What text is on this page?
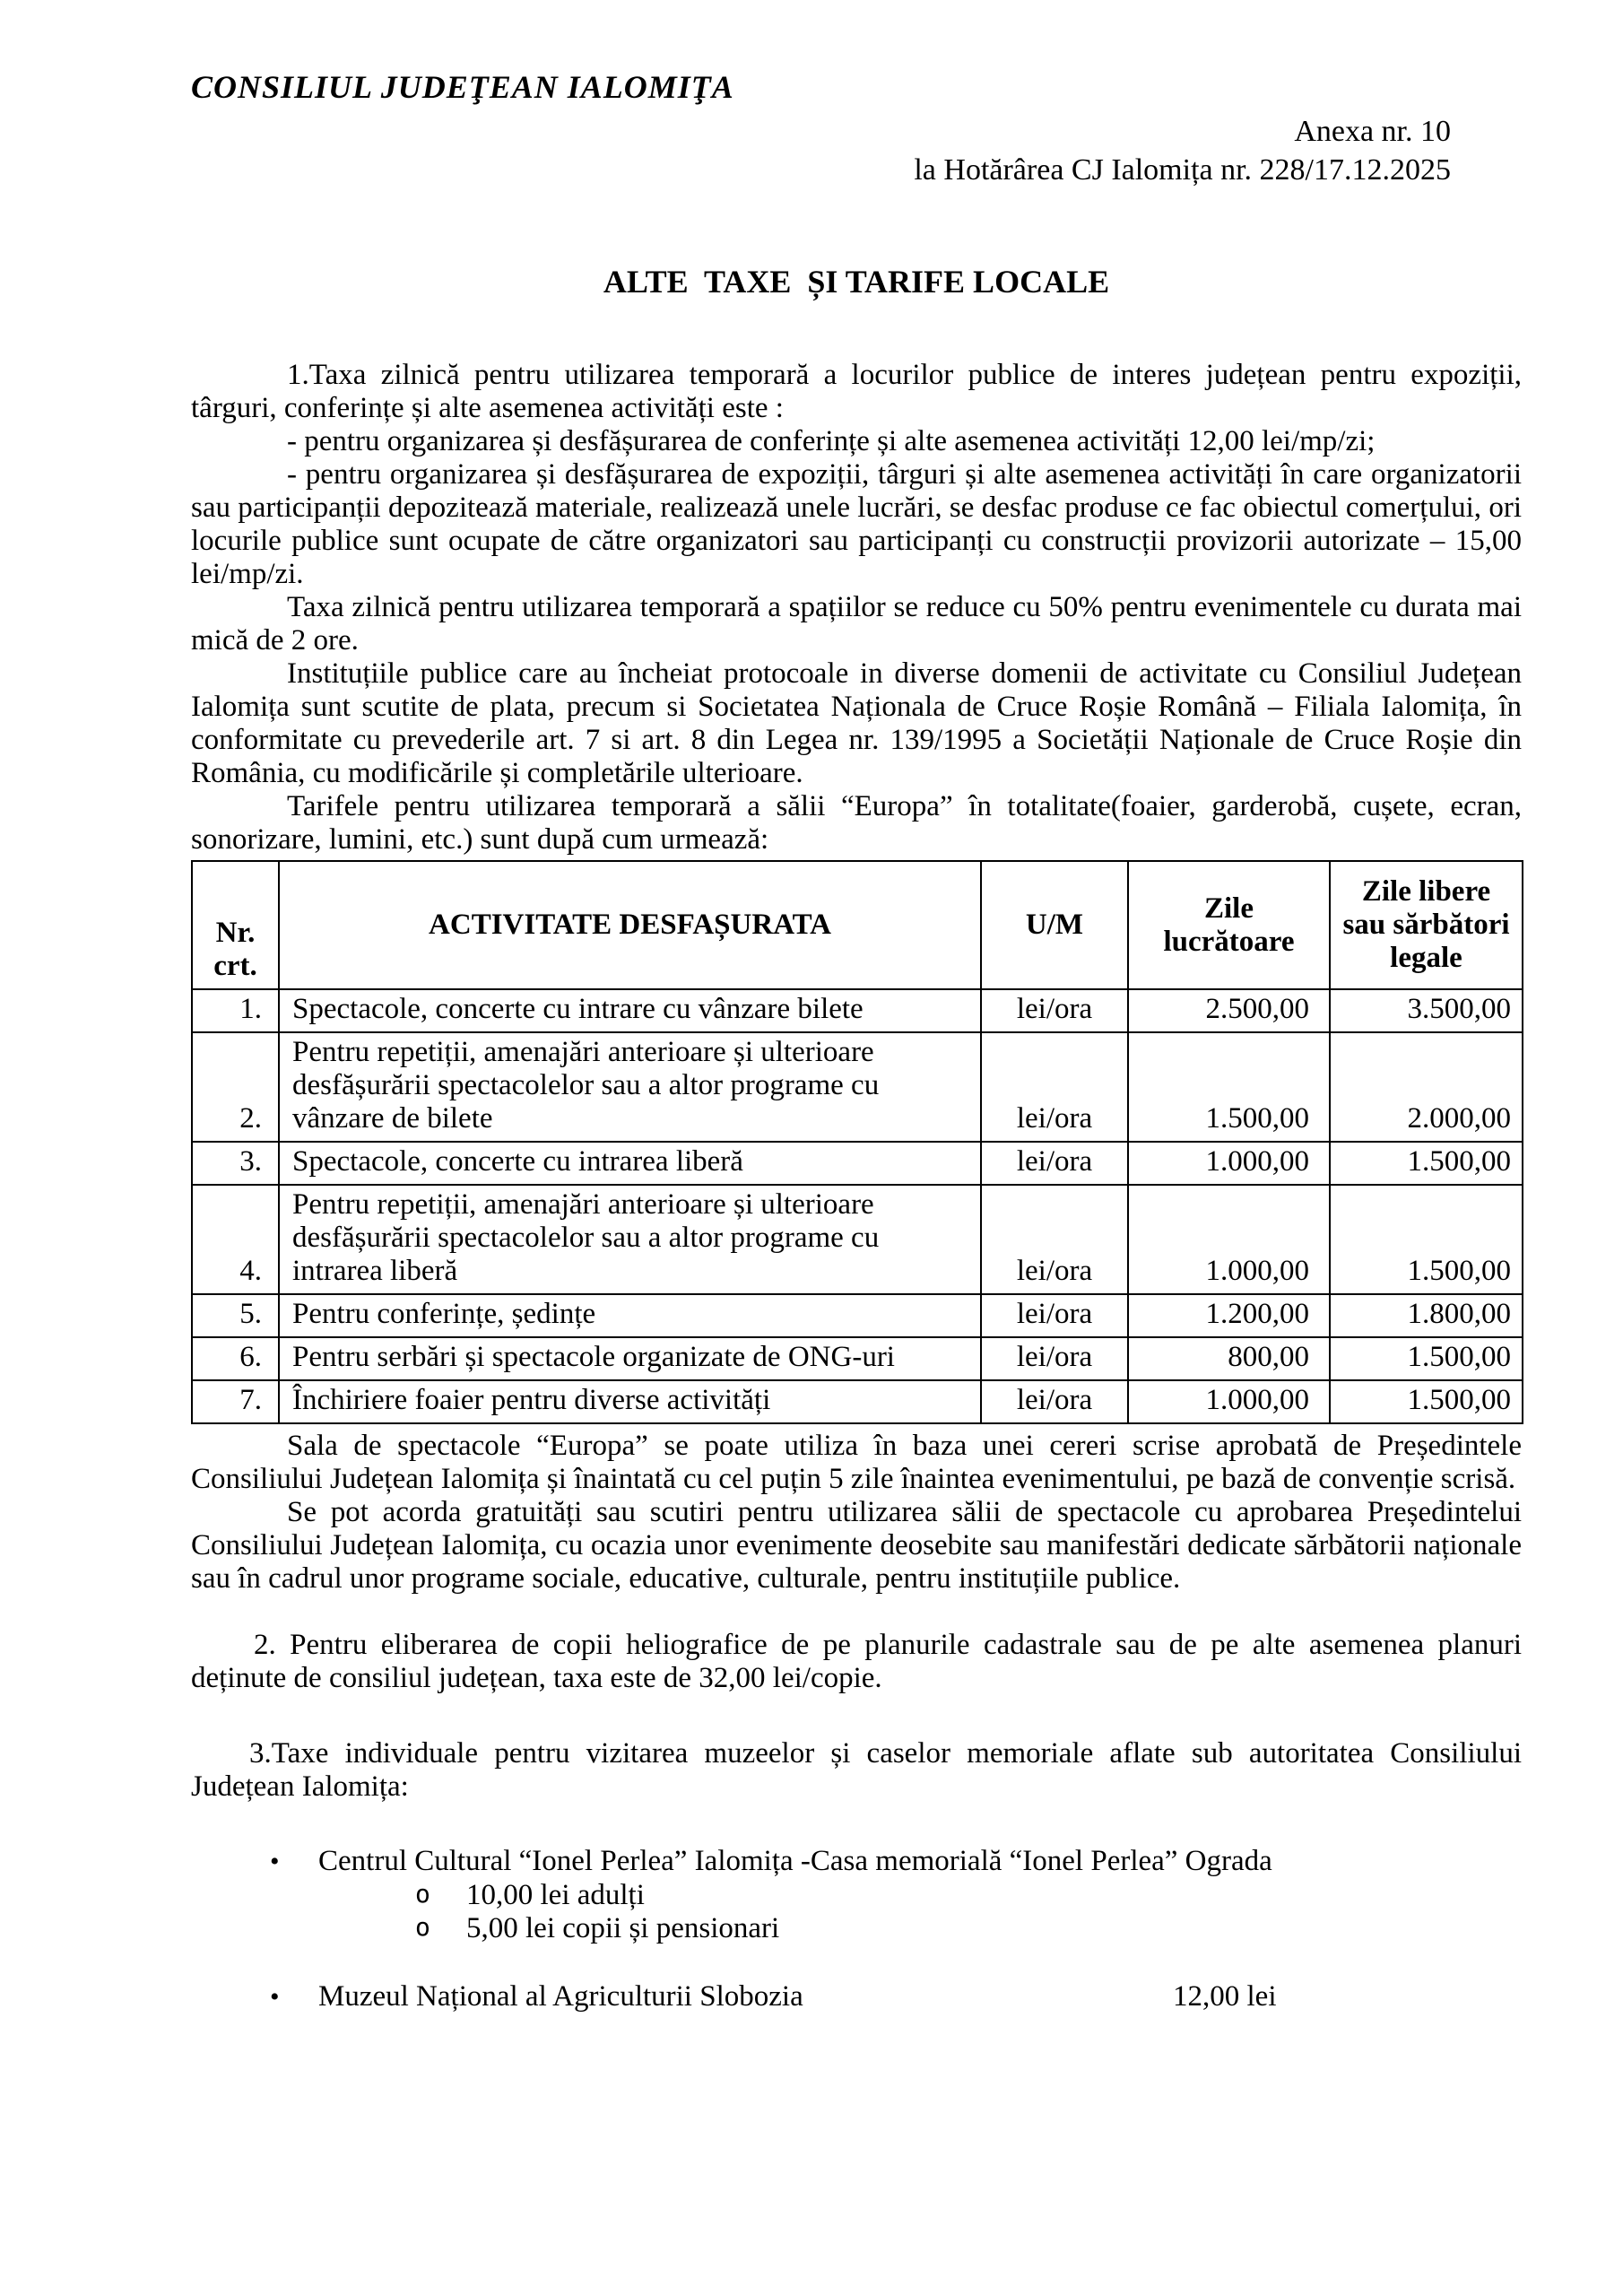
CONSILIUL JUDEŢEAN IALOMIŢA
Anexa nr. 10
la Hotărârea CJ Ialomița nr. 228/17.12.2025
ALTE  TAXE  ȘI TARIFE LOCALE

1.Taxa zilnică pentru utilizarea temporară a locurilor publice de interes județean pentru expoziții, târguri, conferințe și alte asemenea activități este :

- pentru organizarea și desfășurarea de conferințe și alte asemenea activități 12,00 lei/mp/zi;

- pentru organizarea și desfășurarea de expoziții, târguri și alte asemenea activități în care organizatorii sau participanții depozitează materiale, realizează unele lucrări, se desfac produse ce fac obiectul comerțului, ori locurile publice sunt ocupate de către organizatori sau participanți cu construcții provizorii autorizate – 15,00 lei/mp/zi.

Taxa zilnică pentru utilizarea temporară a spațiilor se reduce cu 50% pentru evenimentele cu durata mai mică de 2 ore.

Instituțiile publice care au încheiat protocoale in diverse domenii de activitate cu Consiliul Județean Ialomița sunt scutite de plata, precum si Societatea Naționala de Cruce Roșie Română – Filiala Ialomița, în conformitate cu prevederile art. 7 si art. 8 din Legea nr. 139/1995 a Societății Naționale de Cruce Roșie din România, cu modificările și completările ulterioare.

Tarifele pentru utilizarea temporară a sălii “Europa” în totalitate(foaier, garderobă, cușete, ecran, sonorizare, lumini, etc.) sunt după cum urmează:

Nr.
crt.	ACTIVITATE DESFAȘURATA	U/M	Zile lucrătoare	Zile libere sau sărbători legale
1.	Spectacole, concerte cu intrare cu vânzare bilete	lei/ora	2.500,00	3.500,00
2.	Pentru repetiții, amenajări anterioare și ulterioare desfășurării spectacolelor sau a altor programe cu vânzare de bilete	lei/ora	1.500,00	2.000,00
3.	Spectacole, concerte cu intrarea liberă	lei/ora	1.000,00	1.500,00
4.	Pentru repetiții, amenajări anterioare și ulterioare desfășurării spectacolelor sau a altor programe cu intrarea liberă	lei/ora	1.000,00	1.500,00
5.	Pentru conferințe, ședințe	lei/ora	1.200,00	1.800,00
6.	Pentru serbări și spectacole organizate de ONG-uri	lei/ora	800,00	1.500,00
7.	Închiriere foaier pentru diverse activități	lei/ora	1.000,00	1.500,00

Sala de spectacole “Europa” se poate utiliza în baza unei cereri scrise aprobată de Președintele Consiliului Județean Ialomița și înaintată cu cel puțin 5 zile înaintea evenimentului, pe bază de convenție scrisă.

Se pot acorda gratuități sau scutiri pentru utilizarea sălii de spectacole cu aprobarea Președintelui Consiliului Județean Ialomița, cu ocazia unor evenimente deosebite sau manifestări dedicate sărbătorii naționale sau în cadrul unor programe sociale, educative, culturale, pentru instituțiile publice.

2. Pentru eliberarea de copii heliografice de pe planurile cadastrale sau de pe alte asemenea planuri deținute de consiliul județean, taxa este de 32,00 lei/copie.

3.Taxe individuale pentru vizitarea muzeelor și caselor memoriale aflate sub autoritatea Consiliului Județean Ialomița:

• Centrul Cultural “Ionel Perlea” Ialomița -Casa memorială “Ionel Perlea” Ograda
o 10,00 lei adulți
o 5,00 lei copii și pensionari
• Muzeul Național al Agriculturii Slobozia	12,00 lei
